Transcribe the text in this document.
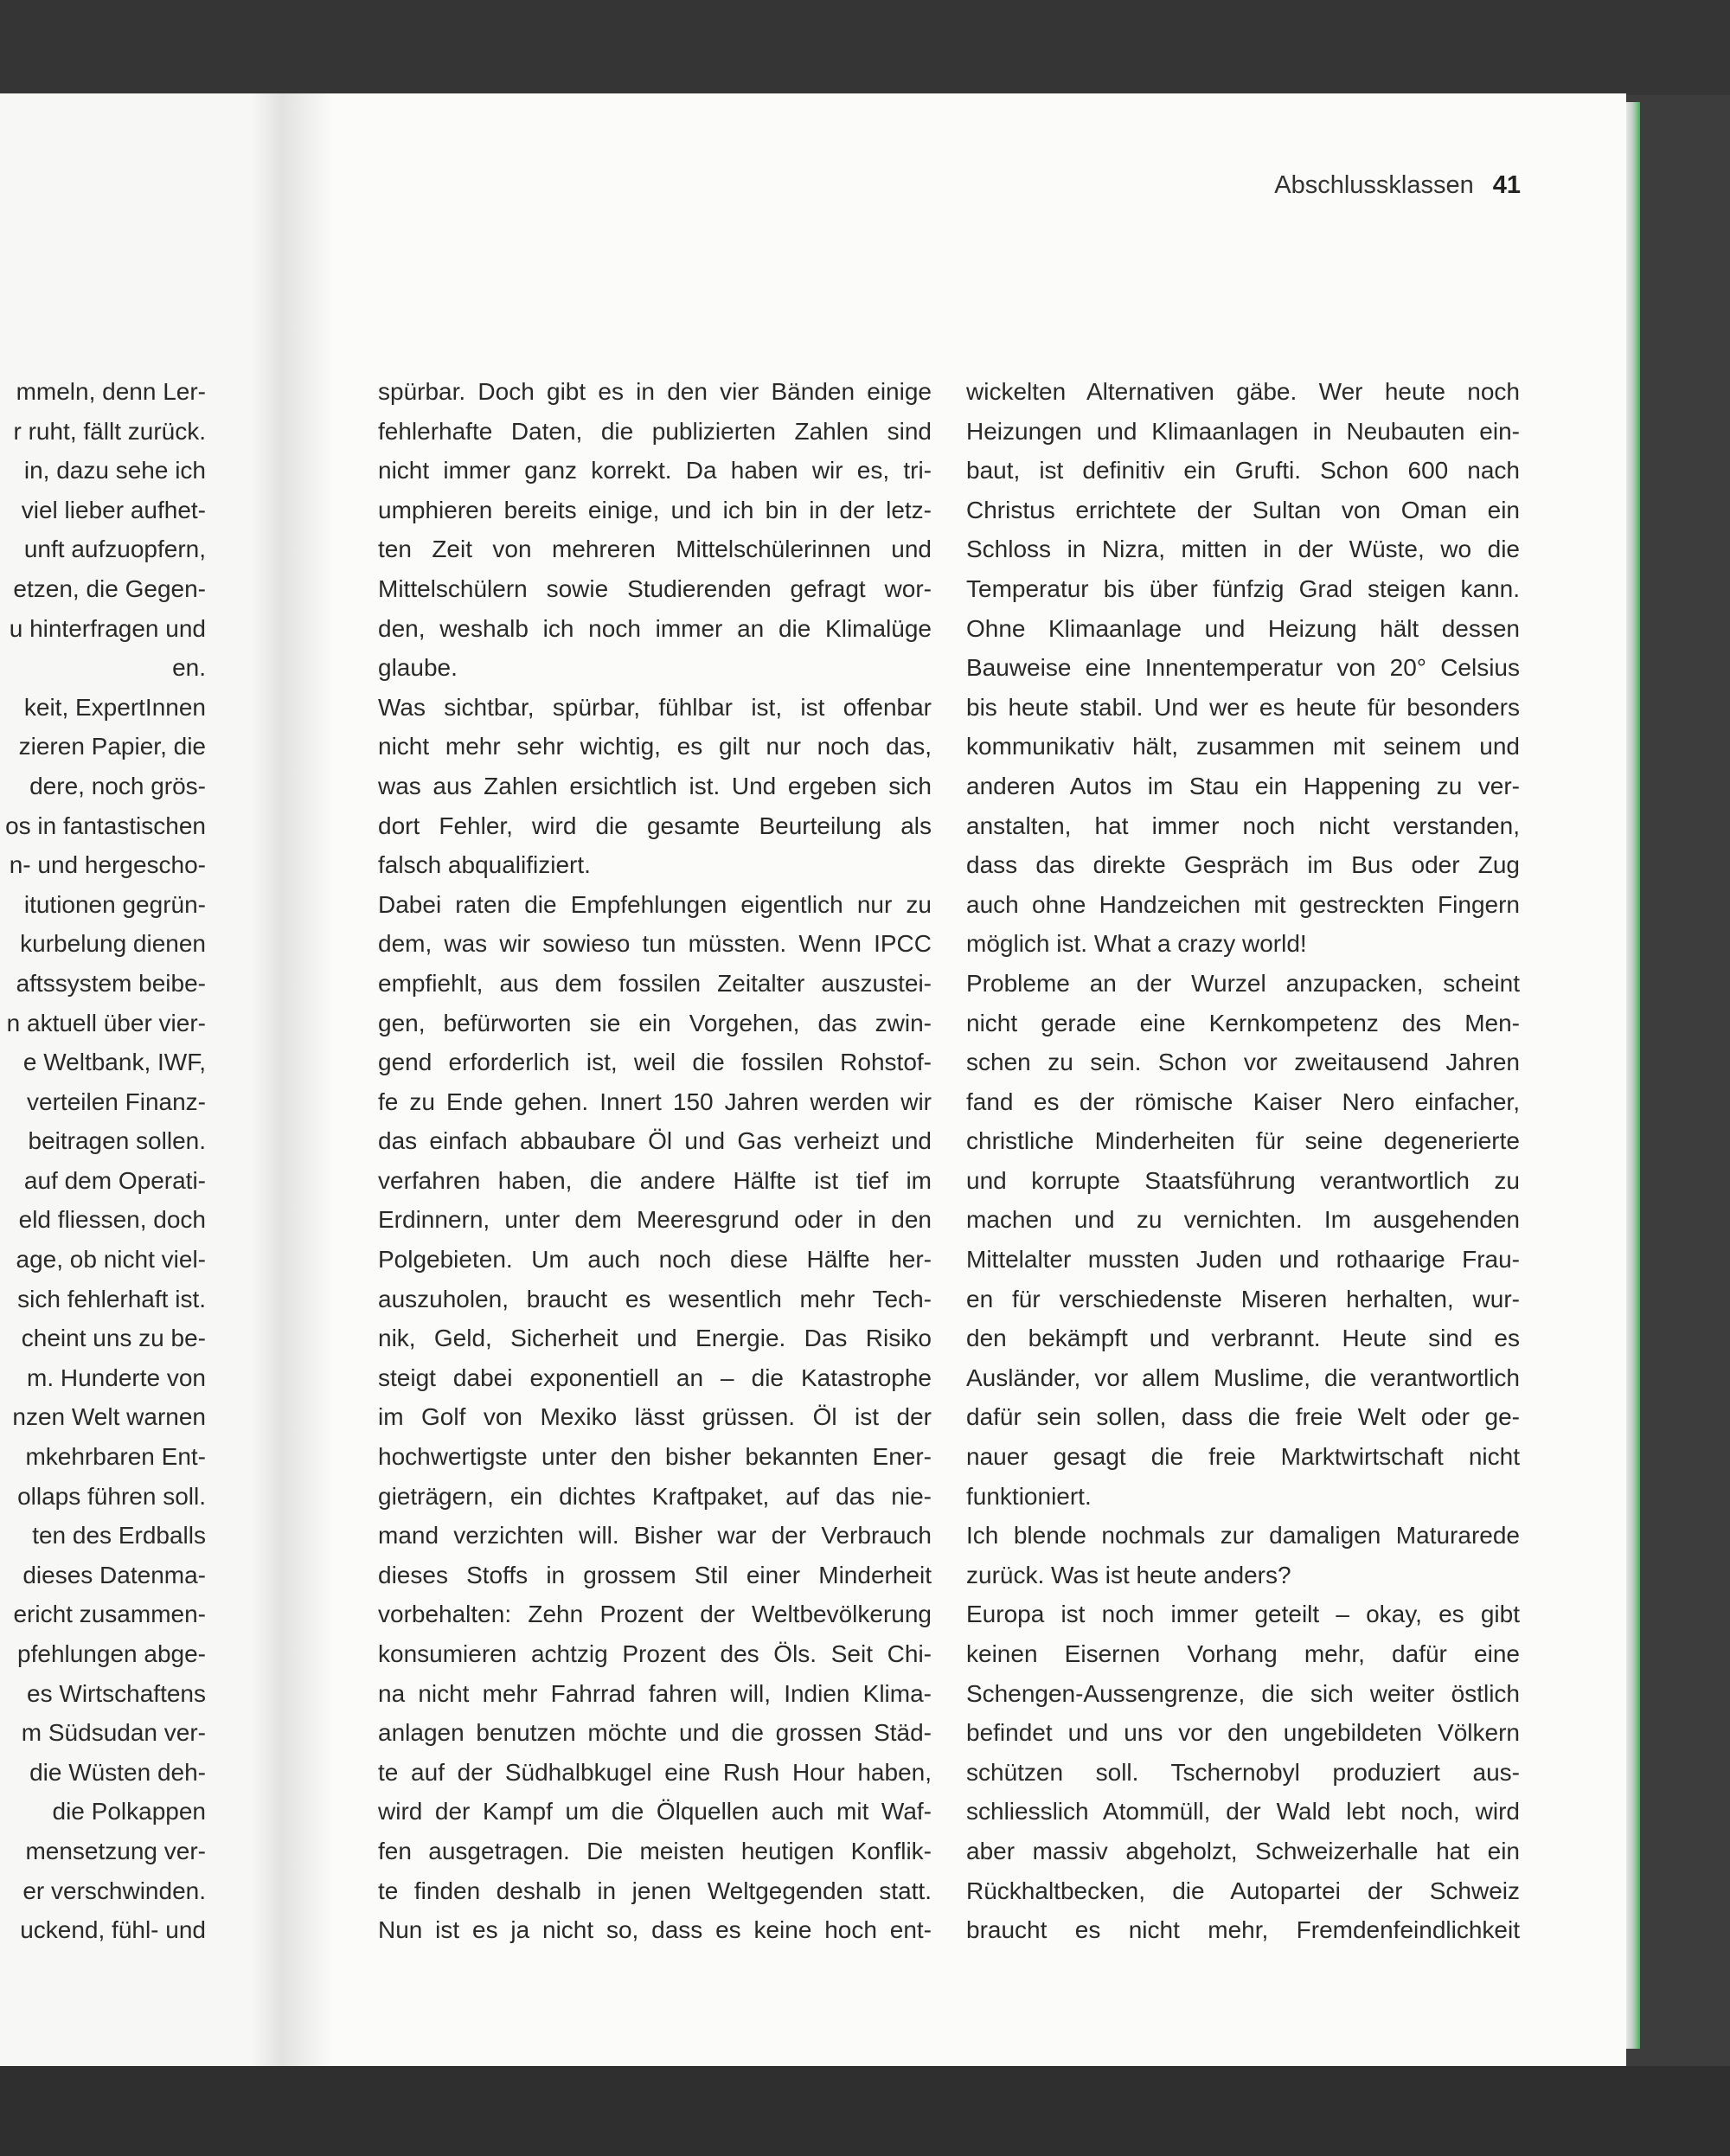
Abschlussklassen 41
mmeln, denn Ler-
r ruht, fällt zurück.
in, dazu sehe ich
viel lieber aufhet-
unft aufzuopfern,
etzen, die Gegen-
u hinterfragen und
en.
keit, ExpertInnen
zieren Papier, die
dere, noch grös-
os in fantastischen
n- und hergescho-
itutionen gegrün-
kurbelung dienen
aftssystem beibe-
n aktuell über vier-
e Weltbank, IWF,
verteilen Finanz-
beitragen sollen.
auf dem Operati-
eld fliessen, doch
age, ob nicht viel-
sich fehlerhaft ist.
cheint uns zu be-
m. Hunderte von
nzen Welt warnen
mkehrbaren Ent-
ollaps führen soll.
ten des Erdballs
dieses Datenma-
ericht zusammen-
pfehlungen abge-
es Wirtschaftens
m Südsudan ver-
die Wüsten deh-
die Polkappen
mensetzung ver-
er verschwinden.
uckend, fühl- und
spürbar. Doch gibt es in den vier Bänden einige
fehlerhafte Daten, die publizierten Zahlen sind
nicht immer ganz korrekt. Da haben wir es, tri-
umphieren bereits einige, und ich bin in der letz-
ten Zeit von mehreren Mittelschülerinnen und
Mittelschülern sowie Studierenden gefragt wor-
den, weshalb ich noch immer an die Klimalüge
glaube.
Was sichtbar, spürbar, fühlbar ist, ist offenbar
nicht mehr sehr wichtig, es gilt nur noch das,
was aus Zahlen ersichtlich ist. Und ergeben sich
dort Fehler, wird die gesamte Beurteilung als
falsch abqualifiziert.
Dabei raten die Empfehlungen eigentlich nur zu
dem, was wir sowieso tun müssten. Wenn IPCC
empfiehlt, aus dem fossilen Zeitalter auszustei-
gen, befürworten sie ein Vorgehen, das zwin-
gend erforderlich ist, weil die fossilen Rohstof-
fe zu Ende gehen. Innert 150 Jahren werden wir
das einfach abbaubare Öl und Gas verheizt und
verfahren haben, die andere Hälfte ist tief im
Erdinnern, unter dem Meeresgrund oder in den
Polgebieten. Um auch noch diese Hälfte her-
auszuholen, braucht es wesentlich mehr Tech-
nik, Geld, Sicherheit und Energie. Das Risiko
steigt dabei exponentiell an – die Katastrophe
im Golf von Mexiko lässt grüssen. Öl ist der
hochwertigste unter den bisher bekannten Ener-
gieträgern, ein dichtes Kraftpaket, auf das nie-
mand verzichten will. Bisher war der Verbrauch
dieses Stoffs in grossem Stil einer Minderheit
vorbehalten: Zehn Prozent der Weltbevölkerung
konsumieren achtzig Prozent des Öls. Seit Chi-
na nicht mehr Fahrrad fahren will, Indien Klima-
anlagen benutzen möchte und die grossen Städ-
te auf der Südhalbkugel eine Rush Hour haben,
wird der Kampf um die Ölquellen auch mit Waf-
fen ausgetragen. Die meisten heutigen Konflik-
te finden deshalb in jenen Weltgegenden statt.
Nun ist es ja nicht so, dass es keine hoch ent-
wickelten Alternativen gäbe. Wer heute noch
Heizungen und Klimaanlagen in Neubauten ein-
baut, ist definitiv ein Grufti. Schon 600 nach
Christus errichtete der Sultan von Oman ein
Schloss in Nizra, mitten in der Wüste, wo die
Temperatur bis über fünfzig Grad steigen kann.
Ohne Klimaanlage und Heizung hält dessen
Bauweise eine Innentemperatur von 20° Celsius
bis heute stabil. Und wer es heute für besonders
kommunikativ hält, zusammen mit seinem und
anderen Autos im Stau ein Happening zu ver-
anstalten, hat immer noch nicht verstanden,
dass das direkte Gespräch im Bus oder Zug
auch ohne Handzeichen mit gestreckten Fingern
möglich ist. What a crazy world!
Probleme an der Wurzel anzupacken, scheint
nicht gerade eine Kernkompetenz des Men-
schen zu sein. Schon vor zweitausend Jahren
fand es der römische Kaiser Nero einfacher,
christliche Minderheiten für seine degenerierte
und korrupte Staatsführung verantwortlich zu
machen und zu vernichten. Im ausgehenden
Mittelalter mussten Juden und rothaarige Frau-
en für verschiedenste Miseren herhalten, wur-
den bekämpft und verbrannt. Heute sind es
Ausländer, vor allem Muslime, die verantwortlich
dafür sein sollen, dass die freie Welt oder ge-
nauer gesagt die freie Marktwirtschaft nicht
funktioniert.
Ich blende nochmals zur damaligen Maturarede
zurück. Was ist heute anders?
Europa ist noch immer geteilt – okay, es gibt
keinen Eisernen Vorhang mehr, dafür eine
Schengen-Aussengrenze, die sich weiter östlich
befindet und uns vor den ungebildeten Völkern
schützen soll. Tschernobyl produziert aus-
schliesslich Atommüll, der Wald lebt noch, wird
aber massiv abgeholzt, Schweizerhalle hat ein
Rückhaltbecken, die Autopartei der Schweiz
braucht es nicht mehr, Fremdenfeindlichkeit
